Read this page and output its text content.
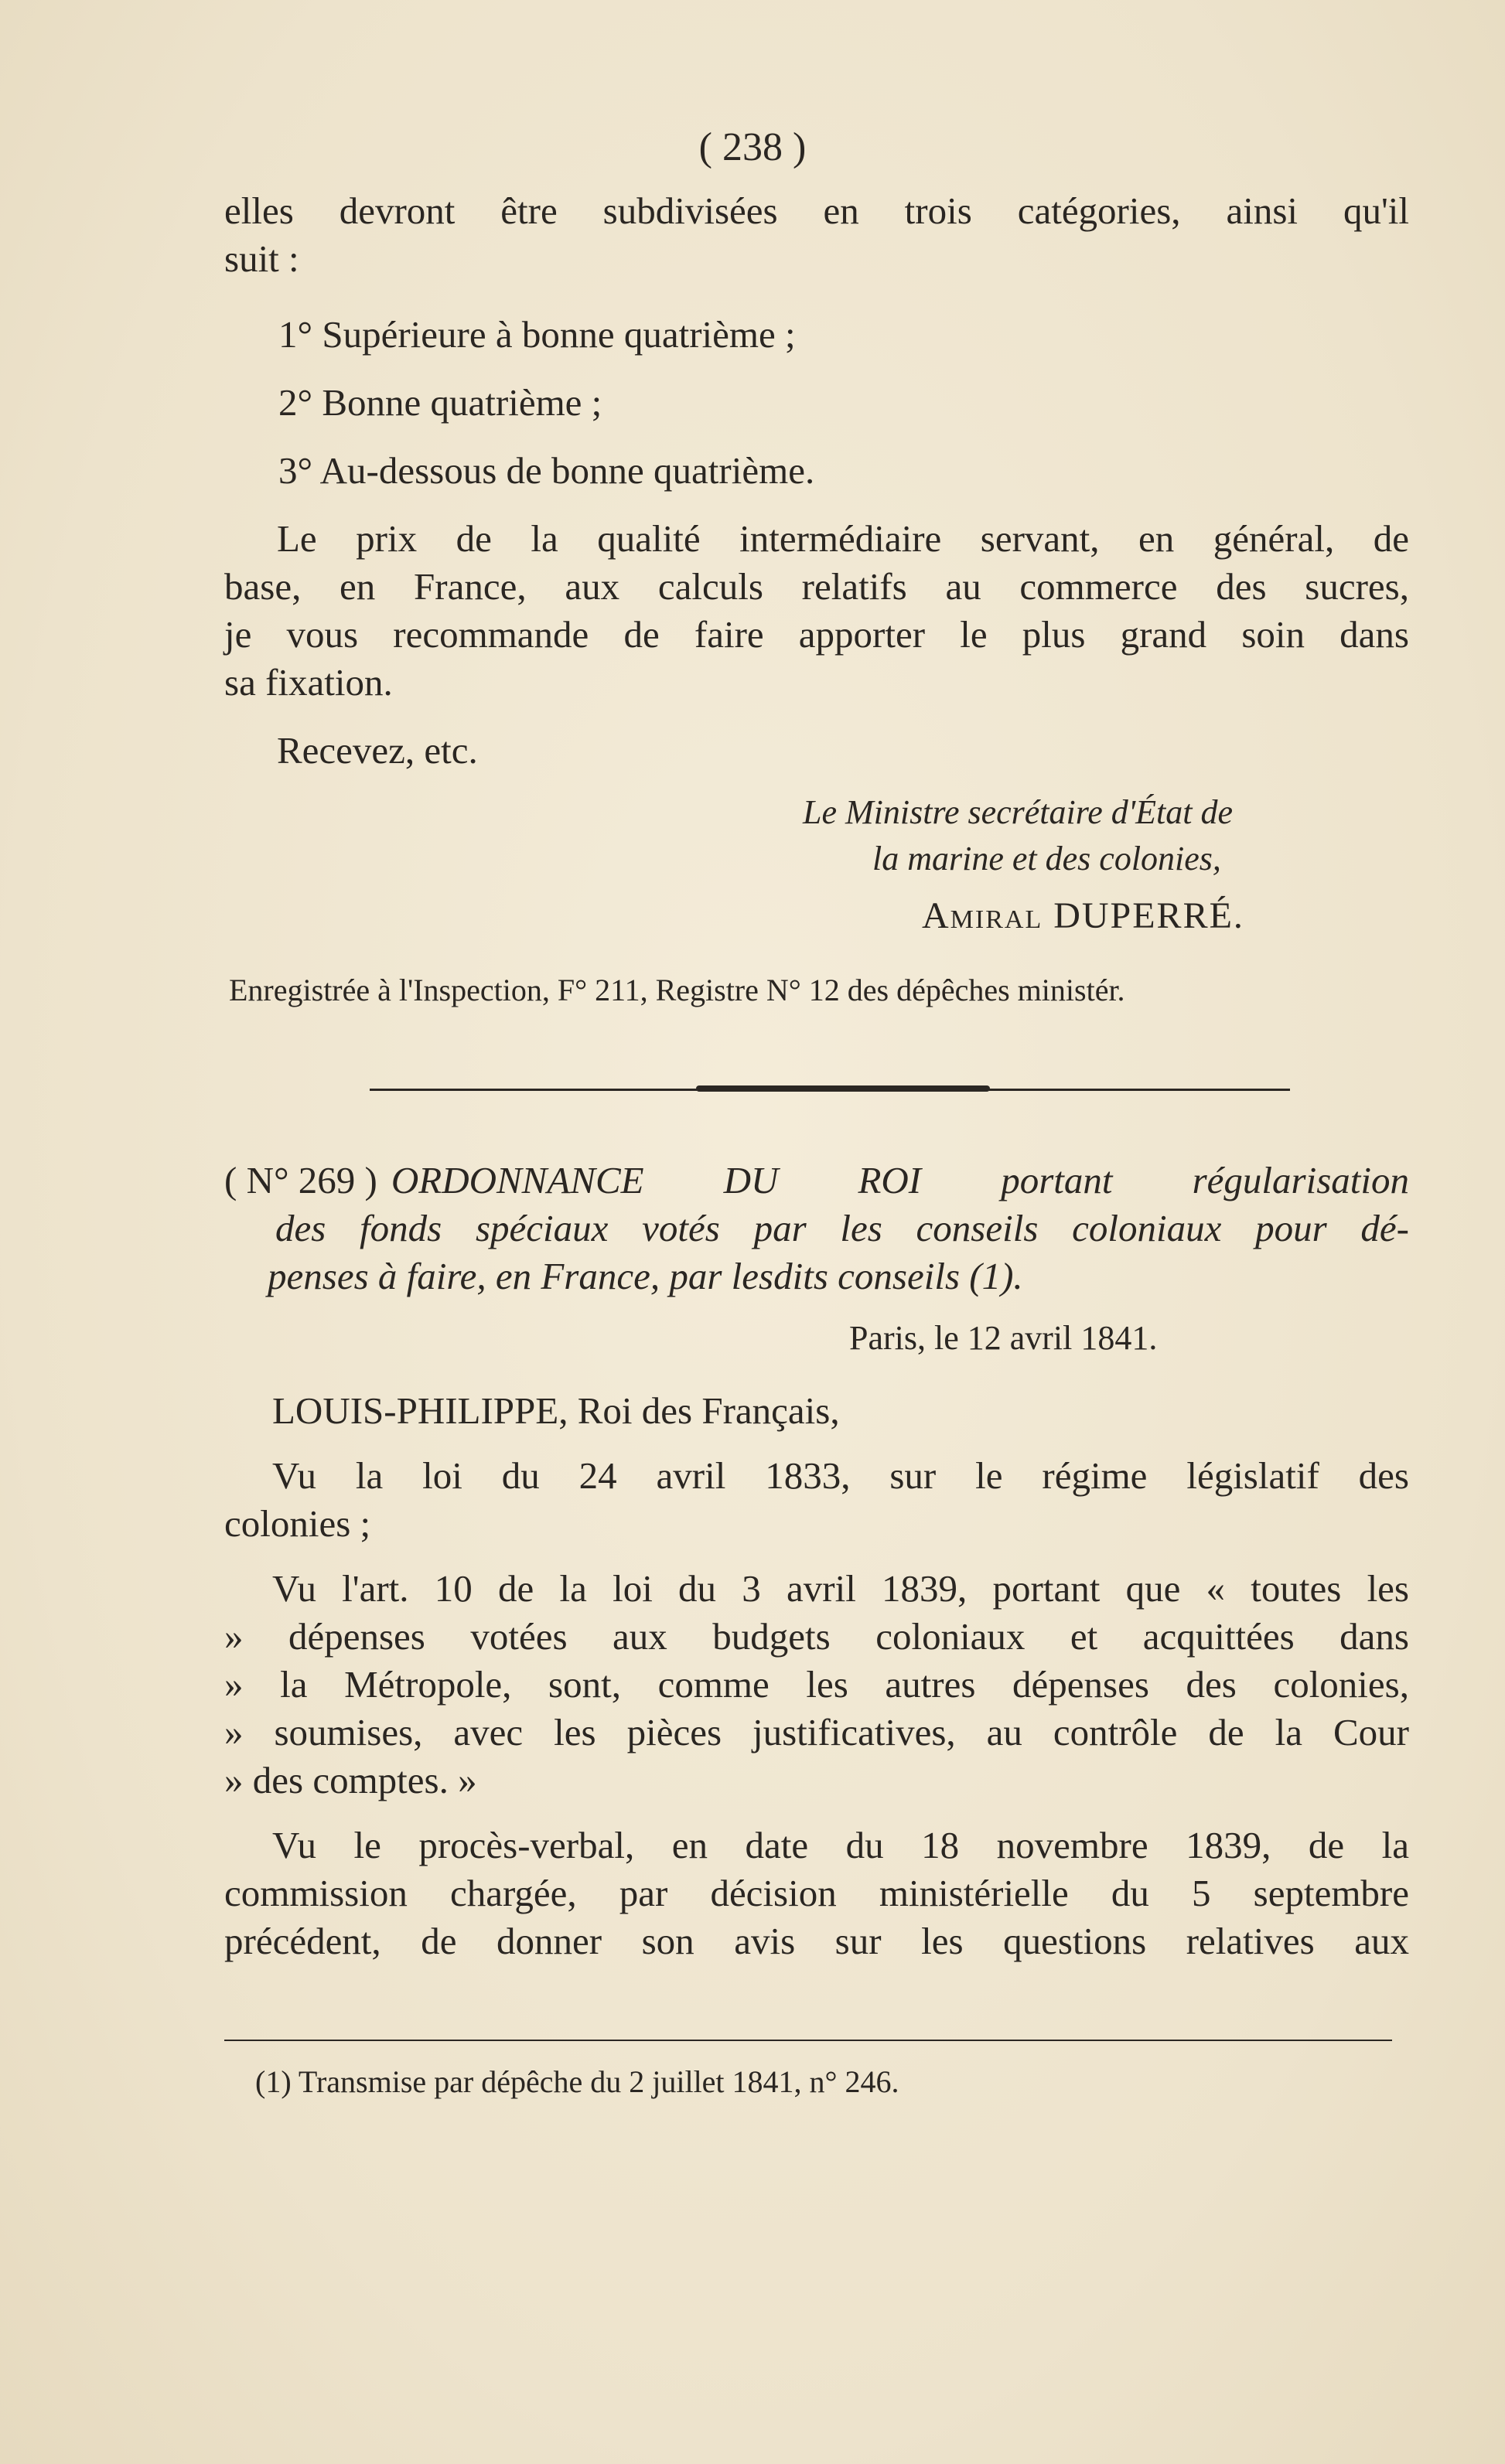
( 238 )
elles devront être subdivisées en trois catégories, ainsi qu'il
suit :
1° Supérieure à bonne quatrième ;
2° Bonne quatrième ;
3° Au-dessous de bonne quatrième.
Le prix de la qualité intermédiaire servant, en général, de
base, en France, aux calculs relatifs au commerce des sucres,
je vous recommande de faire apporter le plus grand soin dans
sa fixation.
Recevez, etc.
Le Ministre secrétaire d'État de
la marine et des colonies,
Amiral DUPERRÉ.
Enregistrée à l'Inspection, F° 211, Registre N° 12 des dépêches ministér.
( N° 269 ) ORDONNANCE DU ROI portant régularisation
des fonds spéciaux votés par les conseils coloniaux pour dé-
penses à faire, en France, par lesdits conseils (1).
Paris, le 12 avril 1841.
LOUIS-PHILIPPE, Roi des Français,
Vu la loi du 24 avril 1833, sur le régime législatif des
colonies ;
Vu l'art. 10 de la loi du 3 avril 1839, portant que « toutes les
» dépenses votées aux budgets coloniaux et acquittées dans
» la Métropole, sont, comme les autres dépenses des colonies,
» soumises, avec les pièces justificatives, au contrôle de la Cour
» des comptes. »
Vu le procès-verbal, en date du 18 novembre 1839, de la
commission chargée, par décision ministérielle du 5 septembre
précédent, de donner son avis sur les questions relatives aux
(1) Transmise par dépêche du 2 juillet 1841, n° 246.
